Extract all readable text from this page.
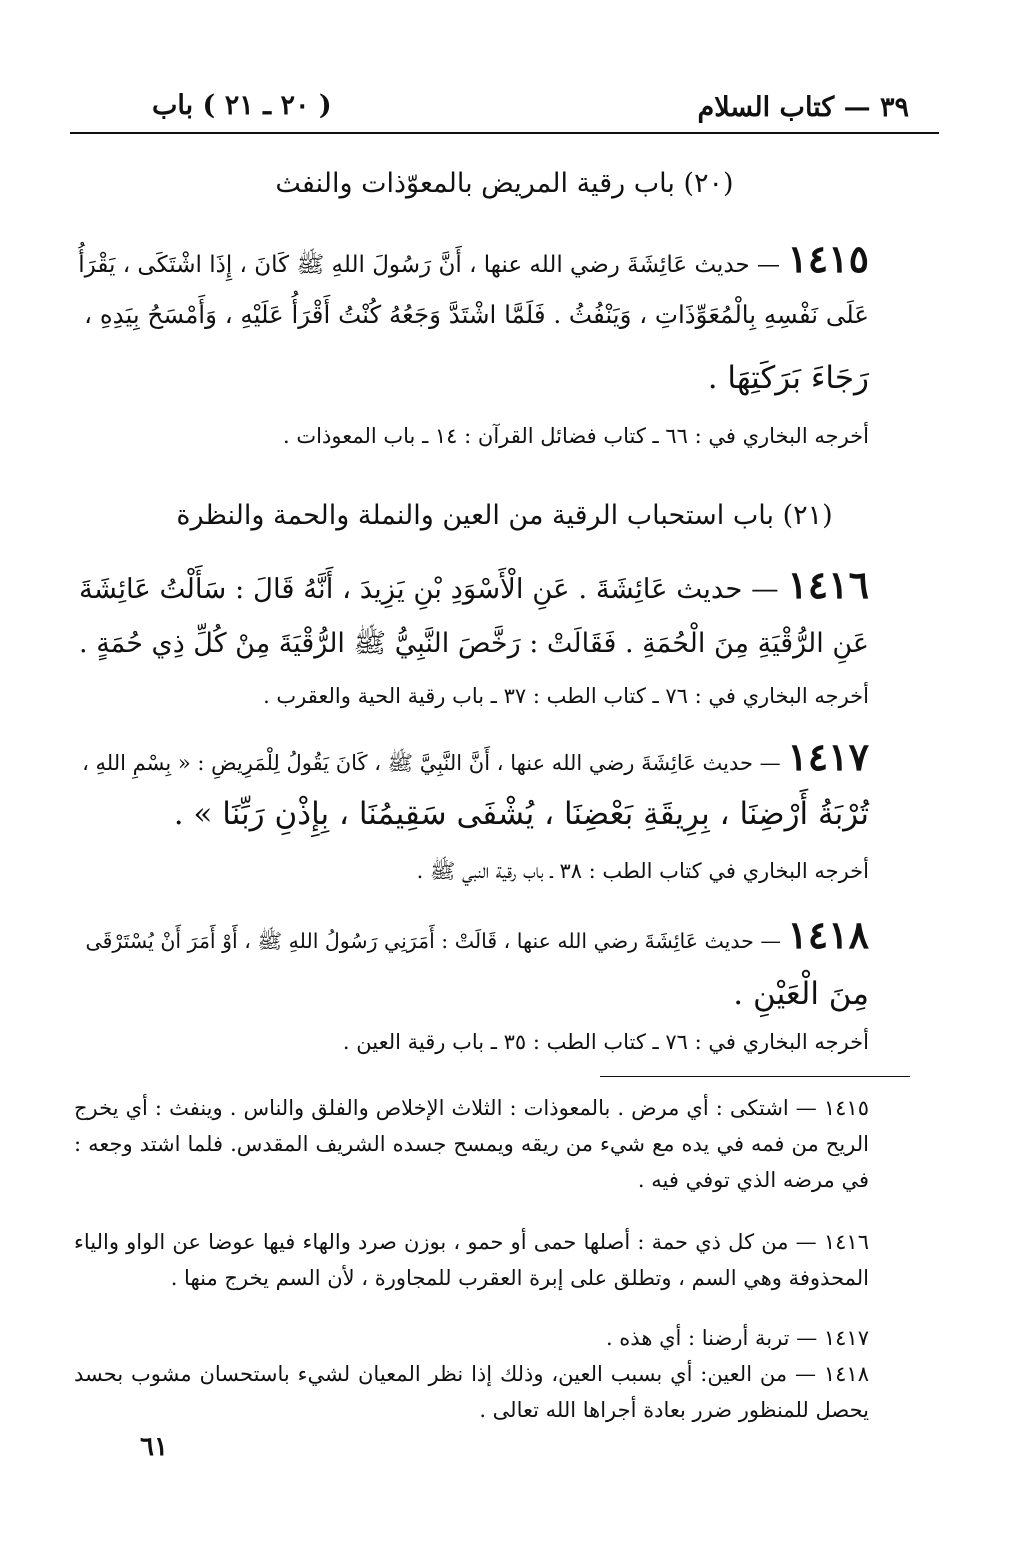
٣٩ — كتاب السلام
( ٢٠ ـ ٢١ ) باب
(٢٠) باب رقية المريض بالمعوّذات والنفث
١٤١٥ — حديث عَائِشَةَ رضي الله عنها ، أَنَّ رَسُولَ اللهِ ﷺ كَانَ ، إِذَا اشْتَكَى ، يَقْرَأُ
عَلَى نَفْسِهِ بِالْمُعَوِّذَاتِ ، وَيَنْفُثُ . فَلَمَّا اشْتَدَّ وَجَعُهُ كُنْتُ أَقْرَأُ عَلَيْهِ ، وَأَمْسَحُ بِيَدِهِ ،
رَجَاءَ بَرَكَتِهَا .
أخرجه البخاري في : ٦٦ ـ كتاب فضائل القرآن : ١٤ ـ باب المعوذات .
(٢١) باب استحباب الرقية من العين والنملة والحمة والنظرة
١٤١٦ — حديث عَائِشَةَ . عَنِ الْأَسْوَدِ بْنِ يَزِيدَ ، أَنَّهُ قَالَ : سَأَلْتُ عَائِشَةَ
عَنِ الرُّقْيَةِ مِنَ الْحُمَةِ . فَقَالَتْ : رَخَّصَ النَّبِيُّ ﷺ الرُّقْيَةَ مِنْ كُلِّ ذِي حُمَةٍ .
أخرجه البخاري في : ٧٦ ـ كتاب الطب : ٣٧ ـ باب رقية الحية والعقرب .
١٤١٧ — حديث عَائِشَةَ رضي الله عنها ، أَنَّ النَّبِيَّ ﷺ ، كَانَ يَقُولُ لِلْمَرِيضِ : « بِسْمِ اللهِ ،
تُرْبَةُ أَرْضِنَا ، بِرِيقَةِ بَعْضِنَا ، يُشْفَى سَقِيمُنَا ، بِإِذْنِ رَبِّنَا » .
أخرجه البخاري في كتاب الطب : ٣٨ ـ باب رقية النبي ﷺ .
١٤١٨ — حديث عَائِشَةَ رضي الله عنها ، قَالَتْ : أَمَرَنِي رَسُولُ اللهِ ﷺ ، أَوْ أَمَرَ أَنْ يُسْتَرْقَى
مِنَ الْعَيْنِ .
أخرجه البخاري في : ٧٦ ـ كتاب الطب : ٣٥ ـ باب رقية العين .
١٤١٥ — اشتكى : أي مرض . بالمعوذات : الثلاث الإخلاص والفلق والناس . وينفث : أي يخرج الريح من فمه في يده مع شيء من ريقه ويمسح جسده الشريف المقدس. فلما اشتد وجعه : في مرضه الذي توفي فيه .
١٤١٦ — من كل ذي حمة : أصلها حمى أو حمو ، بوزن صرد والهاء فيها عوضا عن الواو والياء المحذوفة وهي السم ، وتطلق على إبرة العقرب للمجاورة ، لأن السم يخرج منها .
١٤١٧ — تربة أرضنا : أي هذه .
١٤١٨ — من العين: أي بسبب العين، وذلك إذا نظر المعيان لشيء باستحسان مشوب بحسد يحصل للمنظور ضرر بعادة أجراها الله تعالى .
٦١
